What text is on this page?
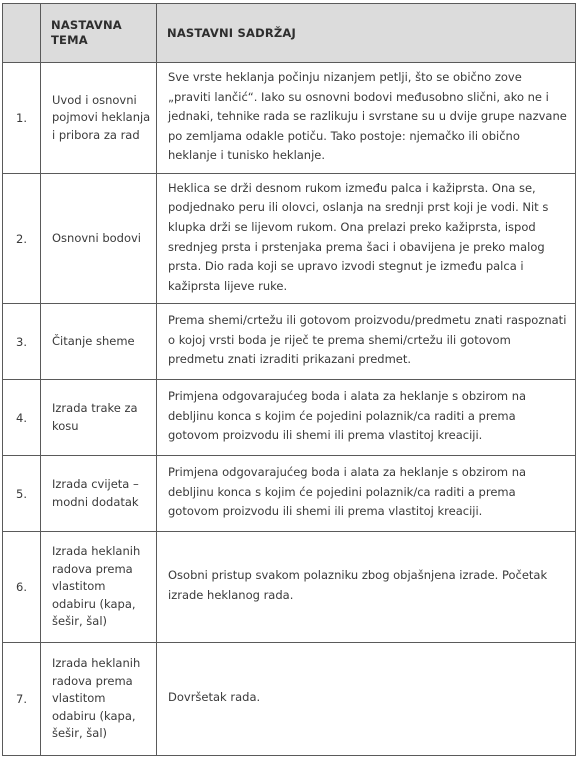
	NASTAVNA TEMA	NASTAVNI SADRŽAJ
1.	Uvod i osnovni pojmovi heklanja i pribora za rad	Sve vrste heklanja počinju nizanjem petlji, što se obično zove „praviti lančić“. Iako su osnovni bodovi međusobno slični, ako ne i jednaki, tehnike rada se razlikuju i svrstane su u dvije grupe nazvane po zemljama odakle potiču. Tako postoje: njemačko ili obično heklanje i tunisko heklanje.
2.	Osnovni bodovi	Heklica se drži desnom rukom između palca i kažiprsta. Ona se, podjednako peru ili olovci, oslanja na srednji prst koji je vodi. Nit s klupka drži se lijevom rukom. Ona prelazi preko kažiprsta, ispod srednjeg prsta i prstenjaka prema šaci i obavijena je preko malog prsta. Dio rada koji se upravo izvodi stegnut je između palca i kažiprsta lijeve ruke.
3.	Čitanje sheme	Prema shemi/crtežu ili gotovom proizvodu/predmetu znati raspoznati o kojoj vrsti boda je riječ te prema shemi/crtežu ili gotovom predmetu znati izraditi prikazani predmet.
4.	Izrada trake za kosu	Primjena odgovarajućeg boda i alata za heklanje s obzirom na debljinu konca s kojim će pojedini polaznik/ca raditi a prema gotovom proizvodu ili shemi ili prema vlastitoj kreaciji.
5.	Izrada cvijeta – modni dodatak	Primjena odgovarajućeg boda i alata za heklanje s obzirom na debljinu konca s kojim će pojedini polaznik/ca raditi a prema gotovom proizvodu ili shemi ili prema vlastitoj kreaciji.
6.	Izrada heklanih radova prema vlastitom odabiru (kapa, šešir, šal)	Osobni pristup svakom polazniku zbog objašnjena izrade. Početak izrade heklanog rada.
7.	Izrada heklanih radova prema vlastitom odabiru (kapa, šešir, šal)	Dovršetak rada.
